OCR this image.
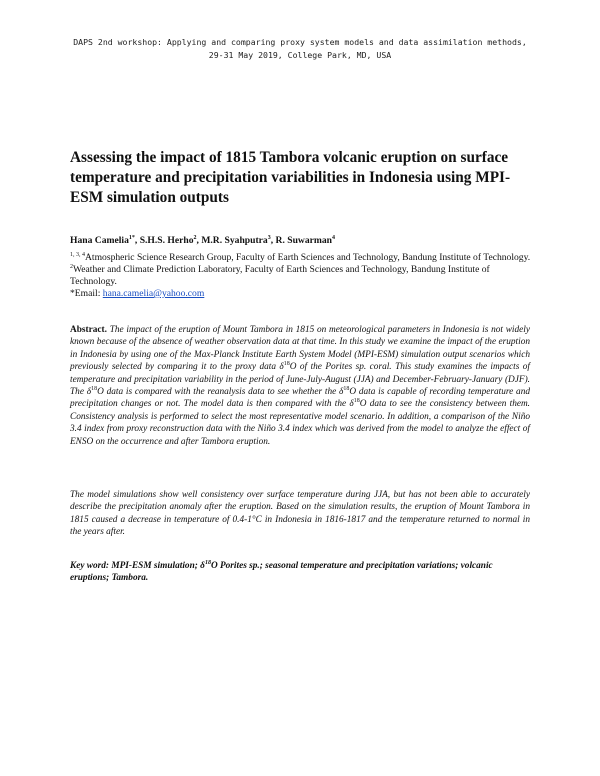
DAPS 2nd workshop: Applying and comparing proxy system models and data assimilation methods,
29-31 May 2019, College Park, MD, USA
Assessing the impact of 1815 Tambora volcanic eruption on surface temperature and precipitation variabilities in Indonesia using MPI-ESM simulation outputs
Hana Camelia$^{1*}$, S.H.S. Herho$^2$, M.R. Syahputra$^3$, R. Suwarman$^4$

$^{1, 3, 4}$Atmospheric Science Research Group, Faculty of Earth Sciences and Technology, Bandung Institute of Technology.

$^2$Weather and Climate Prediction Laboratory, Faculty of Earth Sciences and Technology, Bandung Institute of Technology.

*Email: hana.camelia@yahoo.com

Abstract. The impact of the eruption of Mount Tambora in 1815 on meteorological parameters in Indonesia is not widely known because of the absence of weather observation data at that time. In this study we examine the impact of the eruption in Indonesia by using one of the Max-Planck Institute Earth System Model (MPI-ESM) simulation output scenarios which previously selected by comparing it to the proxy data $\delta^{18}O$ of the Porites sp. coral. This study examines the impacts of temperature and precipitation variability in the period of June-July-August (JJA) and December-February-January (DJF). The $\delta^{18}O$ data is compared with the reanalysis data to see whether the $\delta^{18}O$ data is capable of recording temperature and precipitation changes or not. The model data is then compared with the $\delta^{18}O$ data to see the consistency between them. Consistency analysis is performed to select the most representative model scenario. In addition, a comparison of the Niño 3.4 index from proxy reconstruction data with the Niño 3.4 index which was derived from the model to analyze the effect of ENSO on the occurrence and after Tambora eruption.

The model simulations show well consistency over surface temperature during JJA, but has not been able to accurately describe the precipitation anomaly after the eruption. Based on the simulation results, the eruption of Mount Tambora in 1815 caused a decrease in temperature of 0.4-1°C in Indonesia in 1816-1817 and the temperature returned to normal in the years after.

Key word: MPI-ESM simulation; $\delta^{18}O$ Porites sp.; seasonal temperature and precipitation variations; volcanic eruptions; Tambora.
